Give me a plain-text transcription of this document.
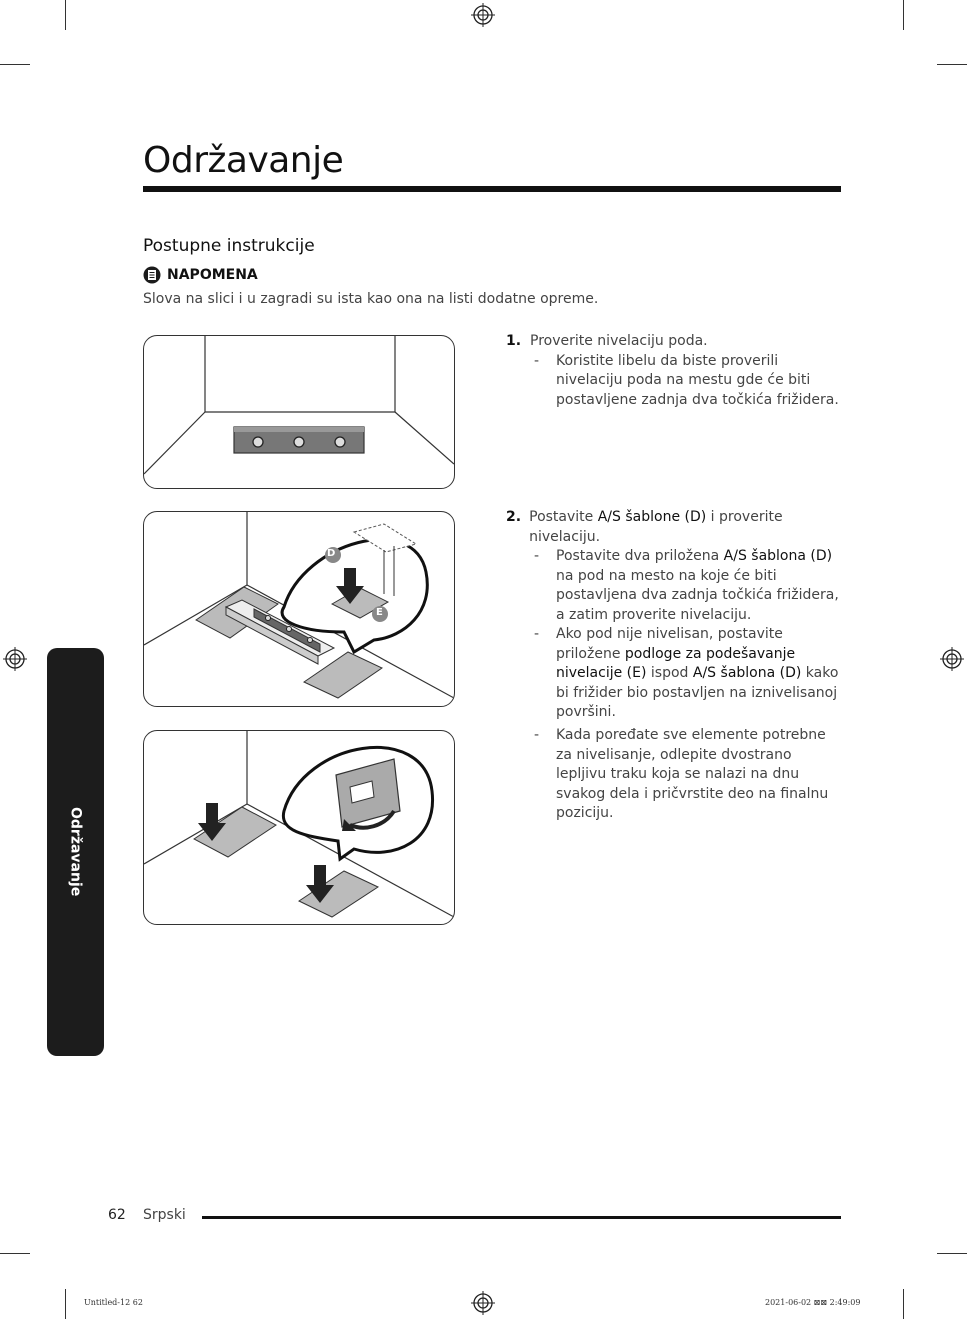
Održavanje
Postupne instrukcije
NAPOMENA
Slova na slici i u zagradi su ista kao ona na listi dodatne opreme.
D
E
1. Proverite nivelaciju poda.
-	Koristite libelu da biste proverili nivelaciju poda na mestu gde će biti postavljene zadnja dva točkića frižidera.
2. Postavite A/S šablone (D) i proverite nivelaciju.
-	Postavite dva priložena A/S šablona (D) na pod na mesto na koje će biti postavljena dva zadnja točkića frižidera, a zatim proverite nivelaciju.
-	Ako pod nije nivelisan, postavite priložene podloge za podešavanje nivelacije (E) ispod A/S šablona (D) kako bi frižider bio postavljen na iznivelisanoj površini.
-	Kada poređate sve elemente potrebne za nivelisanje, odlepite dvostrano lepljivu traku koja se nalazi na dnu svakog dela i pričvrstite deo na finalnu poziciju.
Održavanje
62 Srpski
Untitled-12 62	2021-06-02 ⊠⊠ 2:49:09
